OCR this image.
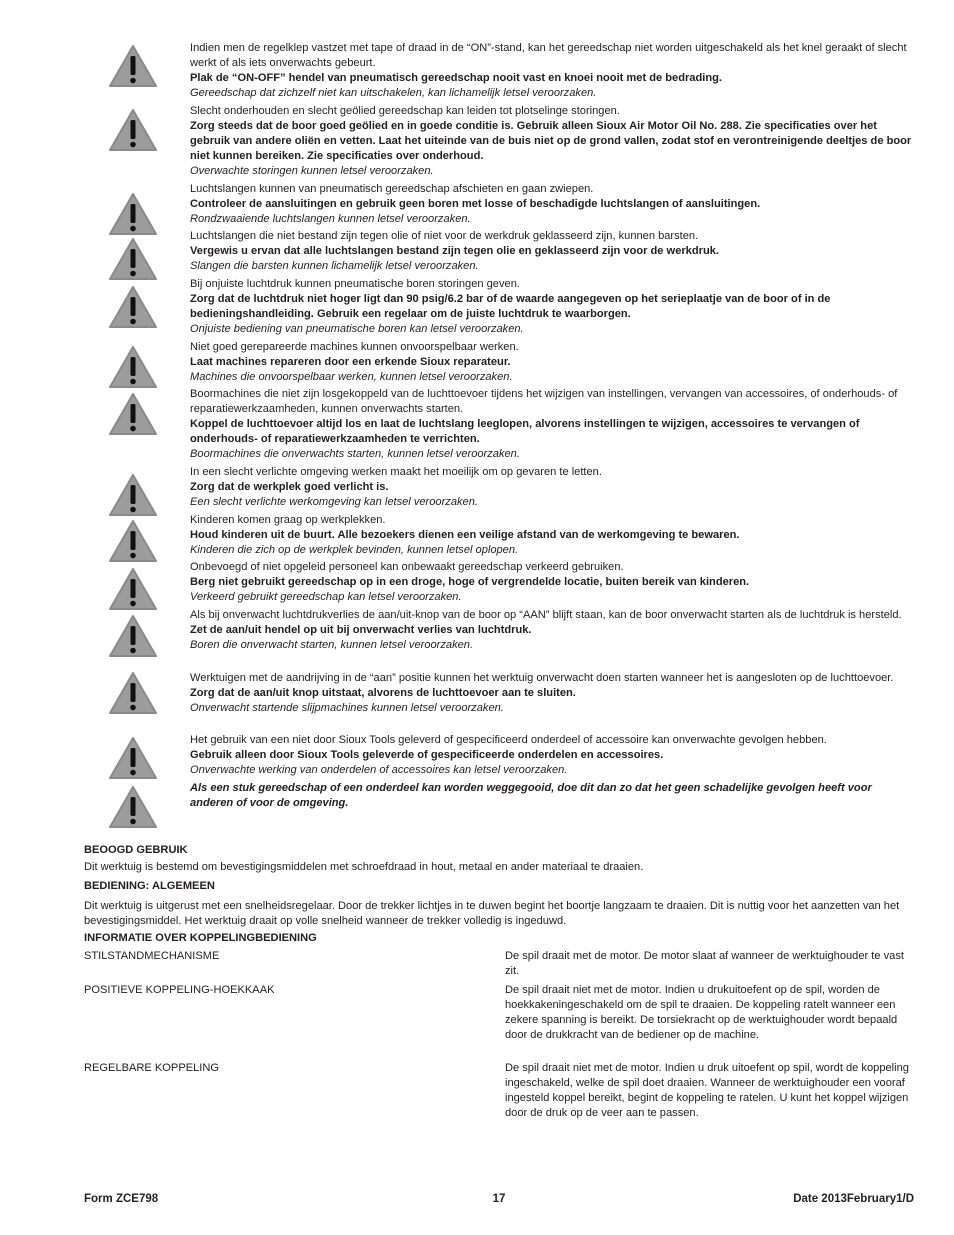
Indien men de regelklep vastzet met tape of draad in de “ON”-stand, kan het gereedschap niet worden uitgeschakeld als het knel geraakt of slecht werkt of als iets onverwachts gebeurt.

Plak de “ON-OFF” hendel van pneumatisch gereedschap nooit vast en knoei nooit met de bedrading.

Gereedschap dat zichzelf niet kan uitschakelen, kan lichamelijk letsel veroorzaken.

Slecht onderhouden en slecht geölied gereedschap kan leiden tot plotselinge storingen.

Zorg steeds dat de boor goed geölied en in goede conditie is. Gebruik alleen Sioux Air Motor Oil No. 288. Zie specificaties over het gebruik van andere oliën en vetten. Laat het uiteinde van de buis niet op de grond vallen, zodat stof en verontreinigende deeltjes de boor niet kunnen bereiken. Zie specificaties over onderhoud.

Overwachte storingen kunnen letsel veroorzaken.

Luchtslangen kunnen van pneumatisch gereedschap afschieten en gaan zwiepen.

Controleer de aansluitingen en gebruik geen boren met losse of beschadigde luchtslangen of aansluitingen.

Rondzwaaiende luchtslangen kunnen letsel veroorzaken.

Luchtslangen die niet bestand zijn tegen olie of niet voor de werkdruk geklasseerd zijn, kunnen barsten.

Vergewis u ervan dat alle luchtslangen bestand zijn tegen olie en geklasseerd zijn voor de werkdruk.

Slangen die barsten kunnen lichamelijk letsel veroorzaken.

Bij onjuiste luchtdruk kunnen pneumatische boren storingen geven.

Zorg dat de luchtdruk niet hoger ligt dan 90 psig/6.2 bar of de waarde aangegeven op het serieplaatje van de boor of in de bedieningshandleiding. Gebruik een regelaar om de juiste luchtdruk te waarborgen.

Onjuiste bediening van pneumatische boren kan letsel veroorzaken.

Niet goed gerepareerde machines kunnen onvoorspelbaar werken.

Laat machines repareren door een erkende Sioux reparateur.

Machines die onvoorspelbaar werken, kunnen letsel veroorzaken.

Boormachines die niet zijn losgekoppeld van de luchttoevoer tijdens het wijzigen van instellingen, vervangen van accessoires, of onderhouds- of reparatiewerkzaamheden, kunnen onverwachts starten.

Koppel de luchttoevoer altijd los en laat de luchtslang leeglopen, alvorens instellingen te wijzigen, accessoires te vervangen of onderhouds- of reparatiewerkzaamheden te verrichten.

Boormachines die onverwachts starten, kunnen letsel veroorzaken.

In een slecht verlichte omgeving werken maakt het moeilijk om op gevaren te letten.

Zorg dat de werkplek goed verlicht is.

Een slecht verlichte werkomgeving kan letsel veroorzaken.

Kinderen komen graag op werkplekken.

Houd kinderen uit de buurt. Alle bezoekers dienen een veilige afstand van de werkomgeving te bewaren.

Kinderen die zich op de werkplek bevinden, kunnen letsel oplopen.

Onbevoegd of niet opgeleid personeel kan onbewaakt gereedschap verkeerd gebruiken.

Berg niet gebruikt gereedschap op in een droge, hoge of vergrendelde locatie, buiten bereik van kinderen.

Verkeerd gebruikt gereedschap kan letsel veroorzaken.

Als bij onverwacht luchtdrukverlies de aan/uit-knop van de boor op “AAN” blijft staan, kan de boor onverwacht starten als de luchtdruk is hersteld.

Zet de aan/uit hendel op uit bij onverwacht verlies van luchtdruk.

Boren die onverwacht starten, kunnen letsel veroorzaken.

Werktuigen met de aandrijving in de “aan” positie kunnen het werktuig onverwacht doen starten wanneer het is aangesloten op de luchttoevoer.

Zorg dat de aan/uit knop uitstaat, alvorens de luchttoevoer aan te sluiten.

Onverwacht startende slijpmachines kunnen letsel veroorzaken.

Het gebruik van een niet door Sioux Tools geleverd of gespecificeerd onderdeel of accessoire kan onverwachte gevolgen hebben.

Gebruik alleen door Sioux Tools geleverde of gespecificeerde onderdelen en accessoires.

Onverwachte werking van onderdelen of accessoires kan letsel veroorzaken.

Als een stuk gereedschap of een onderdeel kan worden weggegooid, doe dit dan zo dat het geen schadelijke gevolgen heeft voor anderen of voor de omgeving.

BEOOGD GEBRUIK

Dit werktuig is bestemd om bevestigingsmiddelen met schroefdraad in hout, metaal en ander materiaal te draaien.

BEDIENING: ALGEMEEN

Dit werktuig is uitgerust met een snelheidsregelaar. Door de trekker lichtjes in te duwen begint het boortje langzaam te draaien. Dit is nuttig voor het aanzetten van het bevestigingsmiddel. Het werktuig draait op volle snelheid wanneer de trekker volledig is ingeduwd.

INFORMATIE OVER KOPPELINGBEDIENING

STILSTANDMECHANISME	De spil draait met de motor. De motor slaat af wanneer de werktuighouder te vast zit.
POSITIEVE KOPPELING-HOEKKAAK	De spil draait niet met de motor. Indien u drukuitoefent op de spil, worden de hoekkakeningeschakeld om de spil te draaien. De koppeling ratelt wanneer een zekere spanning is bereikt. De torsiekracht op de werktuighouder wordt bepaald door de drukkracht van de bediener op de machine.
REGELBARE KOPPELING	De spil draait niet met de motor. Indien u druk uitoefent op spil, wordt de koppeling ingeschakeld, welke de spil doet draaien. Wanneer de werktuighouder een vooraf ingesteld koppel bereikt, begint de koppeling te ratelen. U kunt het koppel wijzigen door de druk op de veer aan te passen.
Form ZCE798	17	Date 2013February1/D
